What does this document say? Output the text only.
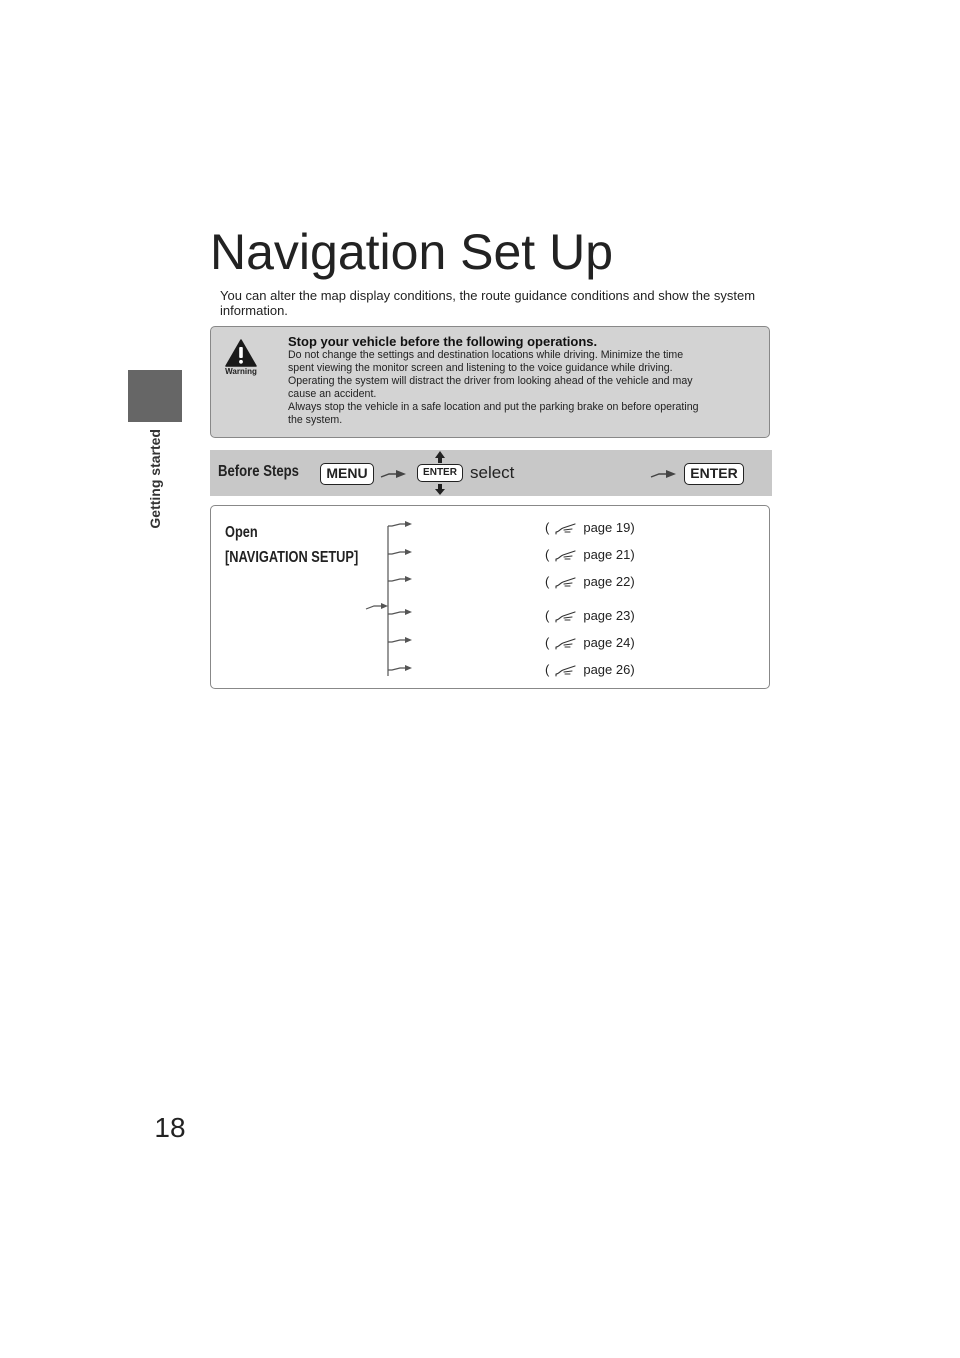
Getting started
Navigation Set Up
You can alter the map display conditions, the route guidance conditions and show the system information.
Warning
Stop your vehicle before the following operations.
Do not change the settings and destination locations while driving. Minimize the time
spent viewing the monitor screen and listening to the voice guidance while driving.
Operating the system will distract the driver from looking ahead of the vehicle and may
cause an accident.
Always stop the vehicle in a safe location and put the parking brake on before operating
the system.
Before Steps	MENU	ENTER select	ENTER
Open
[NAVIGATION SETUP]
(	page 19)
(	page 21)
(	page 22)
(	page 23)
(	page 24)
(	page 26)
18
